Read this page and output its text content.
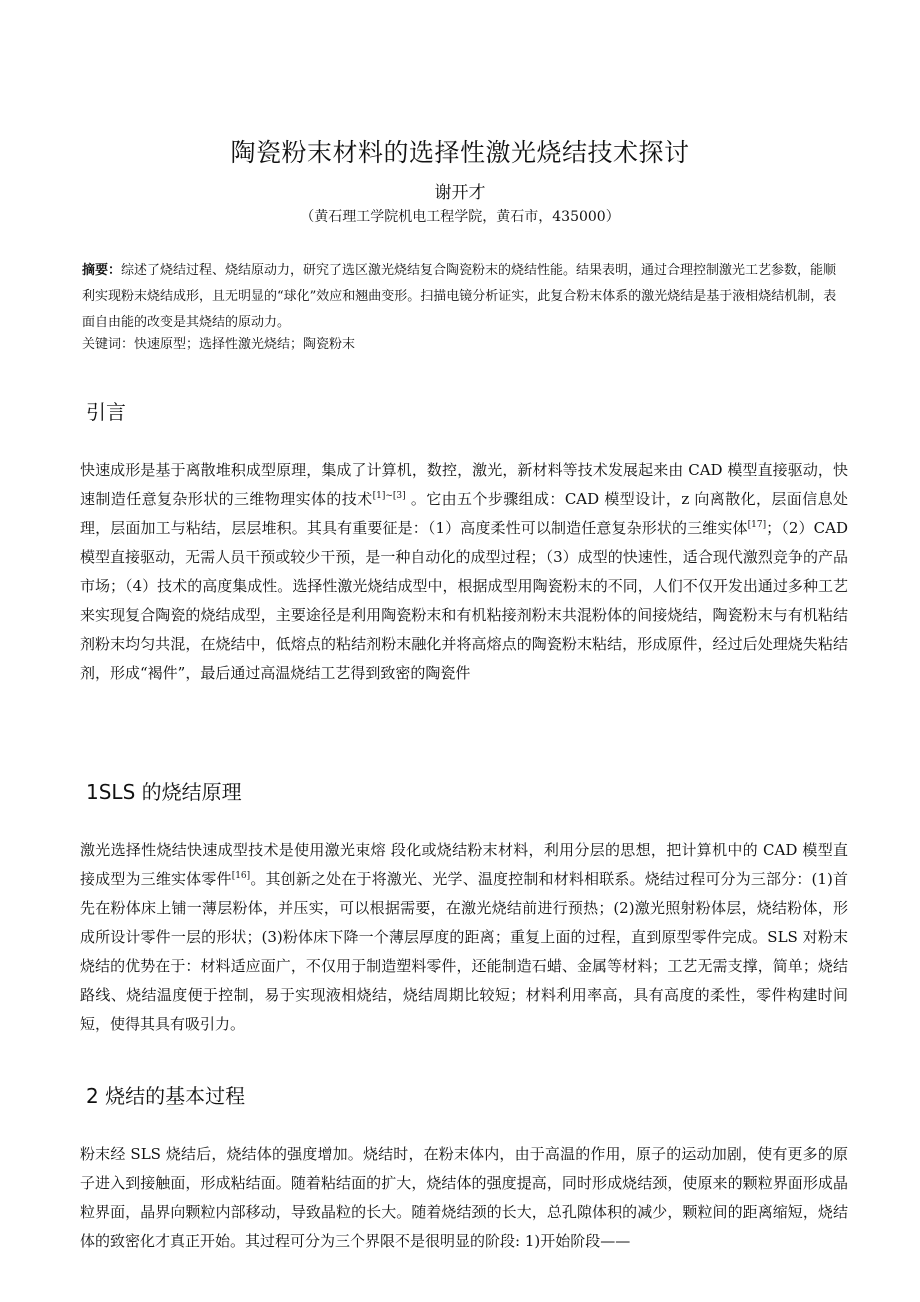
陶瓷粉末材料的选择性激光烧结技术探讨
谢开才
（黄石理工学院机电工程学院，黄石市，435000）
摘要：综述了烧结过程、烧结原动力，研究了选区激光烧结复合陶瓷粉末的烧结性能。结果表明，通过合理控制激光工艺参数，能顺利实现粉末烧结成形，且无明显的“球化”效应和翘曲变形。扫描电镜分析证实，此复合粉末体系的激光烧结是基于液相烧结机制，表面自由能的改变是其烧结的原动力。
关键词：快速原型；选择性激光烧结；陶瓷粉末
引言

快速成形是基于离散堆积成型原理，集成了计算机，数控，激光，新材料等技术发展起来由 CAD 模型直接驱动，快速制造任意复杂形状的三维物理实体的技术[1]~[3] 。它由五个步骤组成：CAD 模型设计，z 向离散化，层面信息处理，层面加工与粘结，层层堆积。其具有重要征是：（1）高度柔性可以制造任意复杂形状的三维实体[17]；（2）CAD 模型直接驱动，无需人员干预或较少干预，是一种自动化的成型过程；（3）成型的快速性，适合现代激烈竞争的产品市场；（4）技术的高度集成性。选择性激光烧结成型中，根据成型用陶瓷粉末的不同，人们不仅开发出通过多种工艺来实现复合陶瓷的烧结成型，主要途径是利用陶瓷粉末和有机粘接剂粉末共混粉体的间接烧结，陶瓷粉末与有机粘结剂粉末均匀共混，在烧结中，低熔点的粘结剂粉末融化并将高熔点的陶瓷粉末粘结，形成原件，经过后处理烧失粘结剂，形成“褐件”，最后通过高温烧结工艺得到致密的陶瓷件

1SLS 的烧结原理

激光选择性烧结快速成型技术是使用激光束熔 段化或烧结粉末材料，利用分层的思想，把计算机中的 CAD 模型直接成型为三维实体零件[16]。其创新之处在于将激光、光学、温度控制和材料相联系。烧结过程可分为三部分：(1)首先在粉体床上铺一薄层粉体，并压实，可以根据需要，在激光烧结前进行预热；(2)激光照射粉体层，烧结粉体，形成所设计零件一层的形状；(3)粉体床下降一个薄层厚度的距离；重复上面的过程，直到原型零件完成。SLS 对粉末烧结的优势在于：材料适应面广，不仅用于制造塑料零件，还能制造石蜡、金属等材料；工艺无需支撑，简单；烧结路线、烧结温度便于控制，易于实现液相烧结，烧结周期比较短；材料利用率高，具有高度的柔性，零件构建时间短，使得其具有吸引力。

2 烧结的基本过程

粉末经 SLS 烧结后，烧结体的强度增加。烧结时，在粉末体内，由于高温的作用，原子的运动加剧，使有更多的原子进入到接触面，形成粘结面。随着粘结面的扩大，烧结体的强度提高，同时形成烧结颈，使原来的颗粒界面形成晶粒界面，晶界向颗粒内部移动，导致晶粒的长大。随着烧结颈的长大，总孔隙体积的减少，颗粒间的距离缩短，烧结体的致密化才真正开始。其过程可分为三个界限不是很明显的阶段: 1)开始阶段——
